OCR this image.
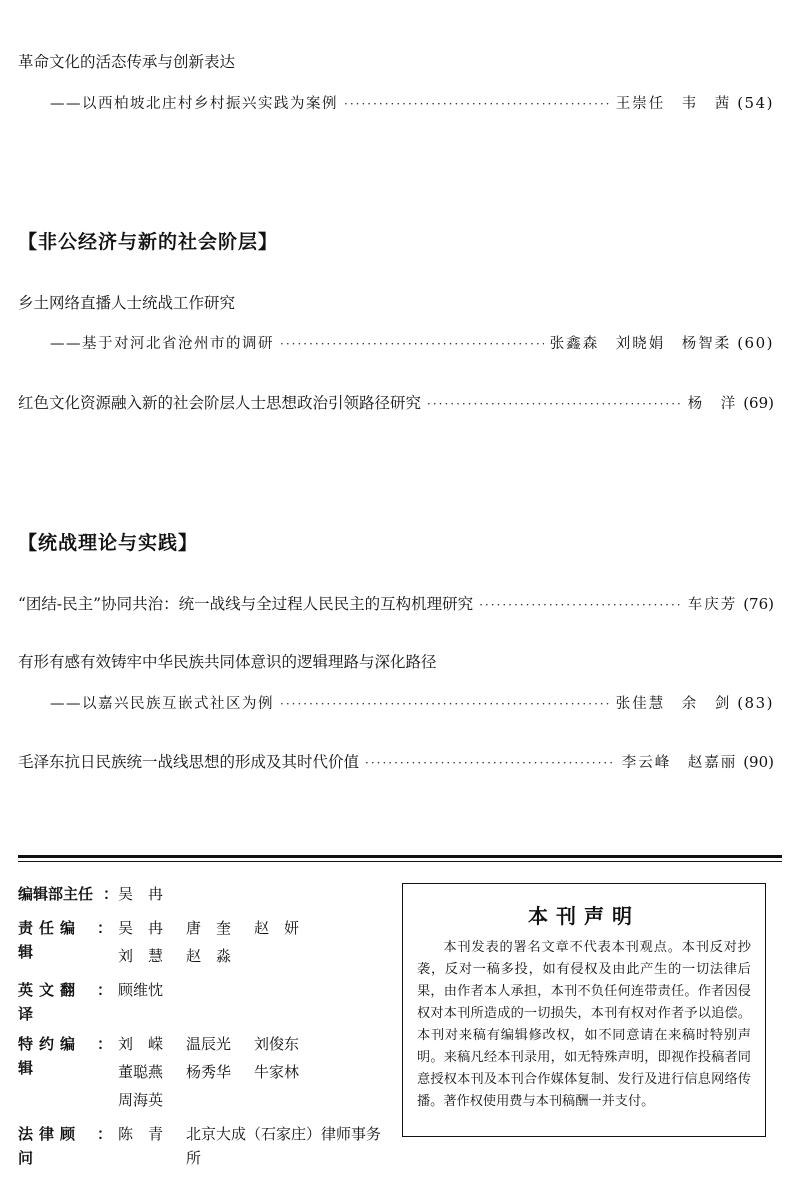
革命文化的活态传承与创新表达
——以西柏坡北庄村乡村振兴实践为案例 ·····	王崇任　韦　茜 (54)
【非公经济与新的社会阶层】
乡土网络直播人士统战工作研究
——基于对河北省沧州市的调研 ·····	张鑫森　刘晓娟　杨智柔 (60)
红色文化资源融入新的社会阶层人士思想政治引领路径研究 ·····	杨　洋 (69)
【统战理论与实践】
“团结-民主”协同共治：统一战线与全过程人民民主的互构机理研究 ·····	车庆芳 (76)
有形有感有效铸牢中华民族共同体意识的逻辑理路与深化路径
——以嘉兴民族互嵌式社区为例 ·····	张佳慧　余　剑 (83)
毛泽东抗日民族统一战线思想的形成及其时代价值 ·····	李云峰　赵嘉丽 (90)
编辑部主任 ： 吴　冉
责任编辑
： 吴　冉	唐　奎	赵　妍
刘　慧	赵　淼
英文翻译
： 顾维忱
特约编辑
： 刘　嵘	温辰光	刘俊东
董聪燕	杨秀华	牛家林
周海英
法律顾问
： 陈　青	北京大成（石家庄）律师事务所
本刊声明
本刊发表的署名文章不代表本刊观点。本刊反对抄袭，反对一稿多投，如有侵权及由此产生的一切法律后果，由作者本人承担，本刊不负任何连带责任。作者因侵权对本刊所造成的一切损失，本刊有权对作者予以追偿。本刊对来稿有编辑修改权，如不同意请在来稿时特别声明。来稿凡经本刊录用，如无特殊声明，即视作投稿者同意授权本刊及本刊合作媒体复制、发行及进行信息网络传播。著作权使用费与本刊稿酬一并支付。
